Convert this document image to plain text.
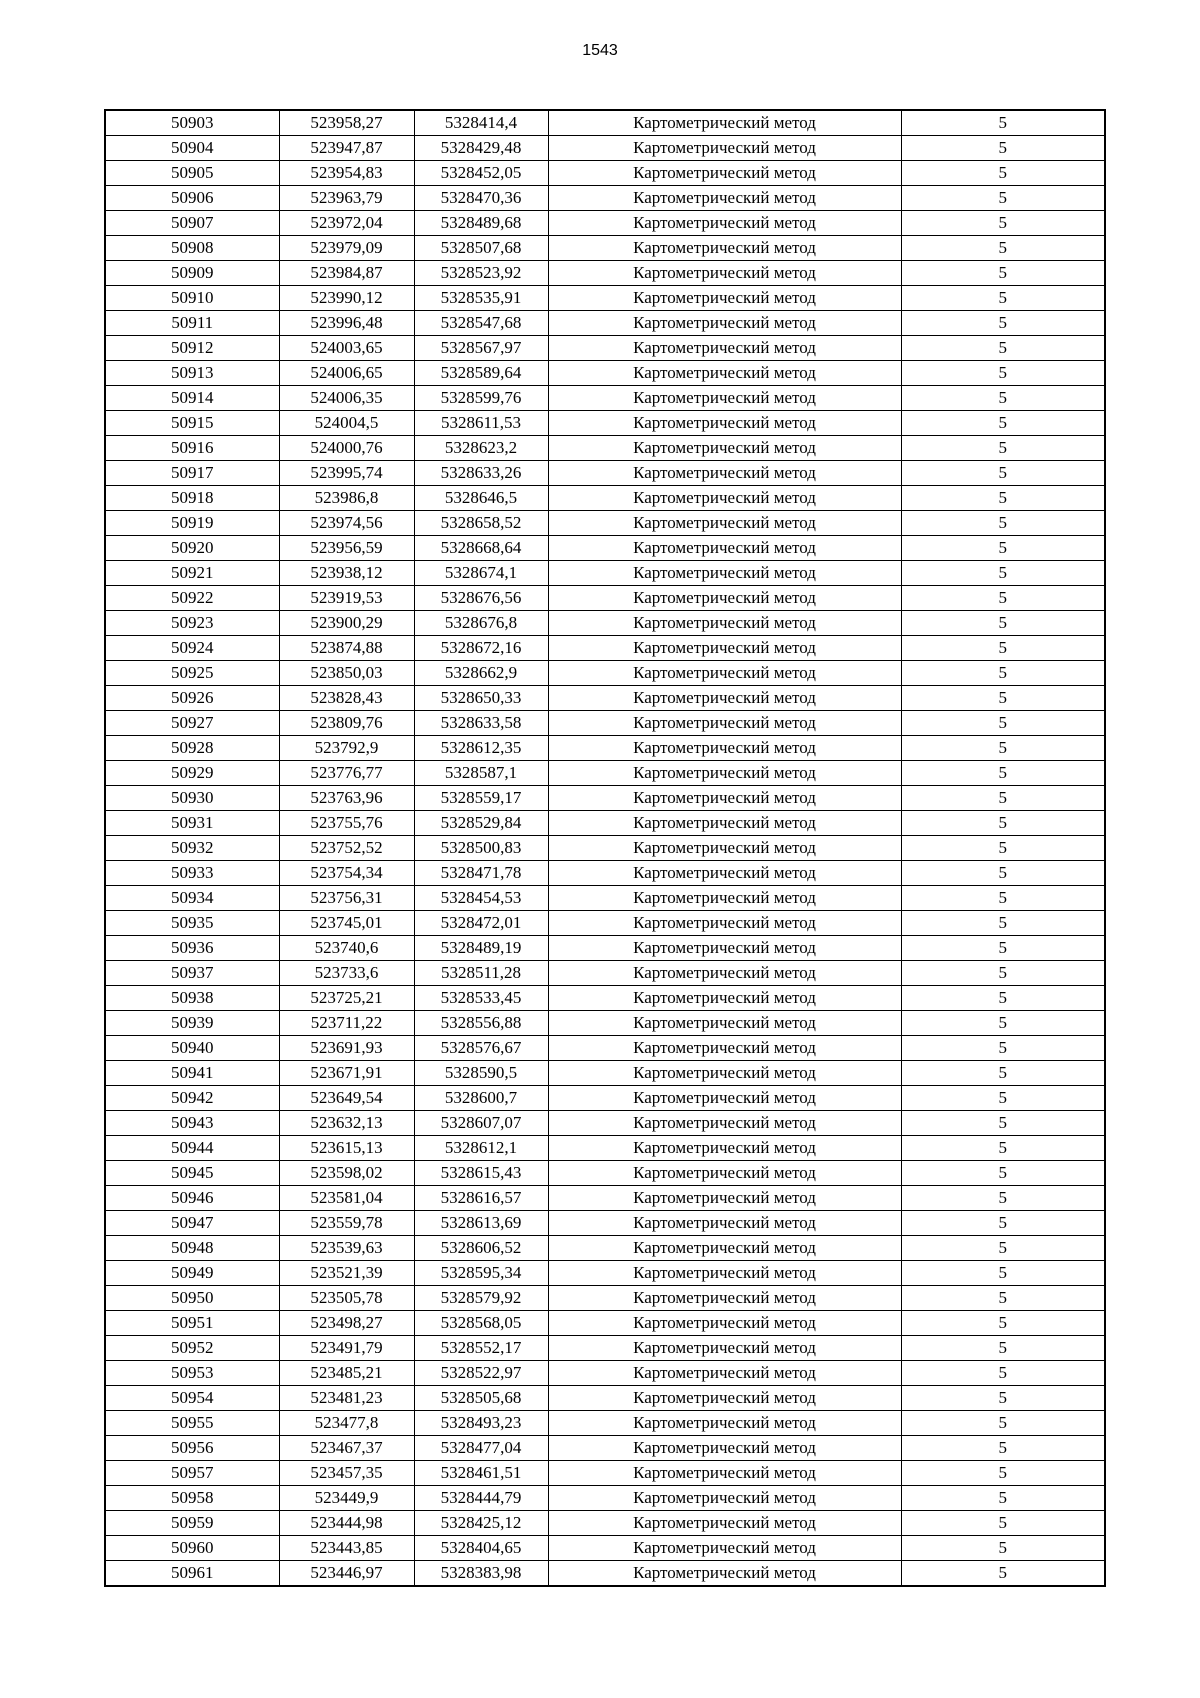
1543
50903	523958,27	5328414,4	Картометрический метод	5
50904	523947,87	5328429,48	Картометрический метод	5
50905	523954,83	5328452,05	Картометрический метод	5
50906	523963,79	5328470,36	Картометрический метод	5
50907	523972,04	5328489,68	Картометрический метод	5
50908	523979,09	5328507,68	Картометрический метод	5
50909	523984,87	5328523,92	Картометрический метод	5
50910	523990,12	5328535,91	Картометрический метод	5
50911	523996,48	5328547,68	Картометрический метод	5
50912	524003,65	5328567,97	Картометрический метод	5
50913	524006,65	5328589,64	Картометрический метод	5
50914	524006,35	5328599,76	Картометрический метод	5
50915	524004,5	5328611,53	Картометрический метод	5
50916	524000,76	5328623,2	Картометрический метод	5
50917	523995,74	5328633,26	Картометрический метод	5
50918	523986,8	5328646,5	Картометрический метод	5
50919	523974,56	5328658,52	Картометрический метод	5
50920	523956,59	5328668,64	Картометрический метод	5
50921	523938,12	5328674,1	Картометрический метод	5
50922	523919,53	5328676,56	Картометрический метод	5
50923	523900,29	5328676,8	Картометрический метод	5
50924	523874,88	5328672,16	Картометрический метод	5
50925	523850,03	5328662,9	Картометрический метод	5
50926	523828,43	5328650,33	Картометрический метод	5
50927	523809,76	5328633,58	Картометрический метод	5
50928	523792,9	5328612,35	Картометрический метод	5
50929	523776,77	5328587,1	Картометрический метод	5
50930	523763,96	5328559,17	Картометрический метод	5
50931	523755,76	5328529,84	Картометрический метод	5
50932	523752,52	5328500,83	Картометрический метод	5
50933	523754,34	5328471,78	Картометрический метод	5
50934	523756,31	5328454,53	Картометрический метод	5
50935	523745,01	5328472,01	Картометрический метод	5
50936	523740,6	5328489,19	Картометрический метод	5
50937	523733,6	5328511,28	Картометрический метод	5
50938	523725,21	5328533,45	Картометрический метод	5
50939	523711,22	5328556,88	Картометрический метод	5
50940	523691,93	5328576,67	Картометрический метод	5
50941	523671,91	5328590,5	Картометрический метод	5
50942	523649,54	5328600,7	Картометрический метод	5
50943	523632,13	5328607,07	Картометрический метод	5
50944	523615,13	5328612,1	Картометрический метод	5
50945	523598,02	5328615,43	Картометрический метод	5
50946	523581,04	5328616,57	Картометрический метод	5
50947	523559,78	5328613,69	Картометрический метод	5
50948	523539,63	5328606,52	Картометрический метод	5
50949	523521,39	5328595,34	Картометрический метод	5
50950	523505,78	5328579,92	Картометрический метод	5
50951	523498,27	5328568,05	Картометрический метод	5
50952	523491,79	5328552,17	Картометрический метод	5
50953	523485,21	5328522,97	Картометрический метод	5
50954	523481,23	5328505,68	Картометрический метод	5
50955	523477,8	5328493,23	Картометрический метод	5
50956	523467,37	5328477,04	Картометрический метод	5
50957	523457,35	5328461,51	Картометрический метод	5
50958	523449,9	5328444,79	Картометрический метод	5
50959	523444,98	5328425,12	Картометрический метод	5
50960	523443,85	5328404,65	Картометрический метод	5
50961	523446,97	5328383,98	Картометрический метод	5
